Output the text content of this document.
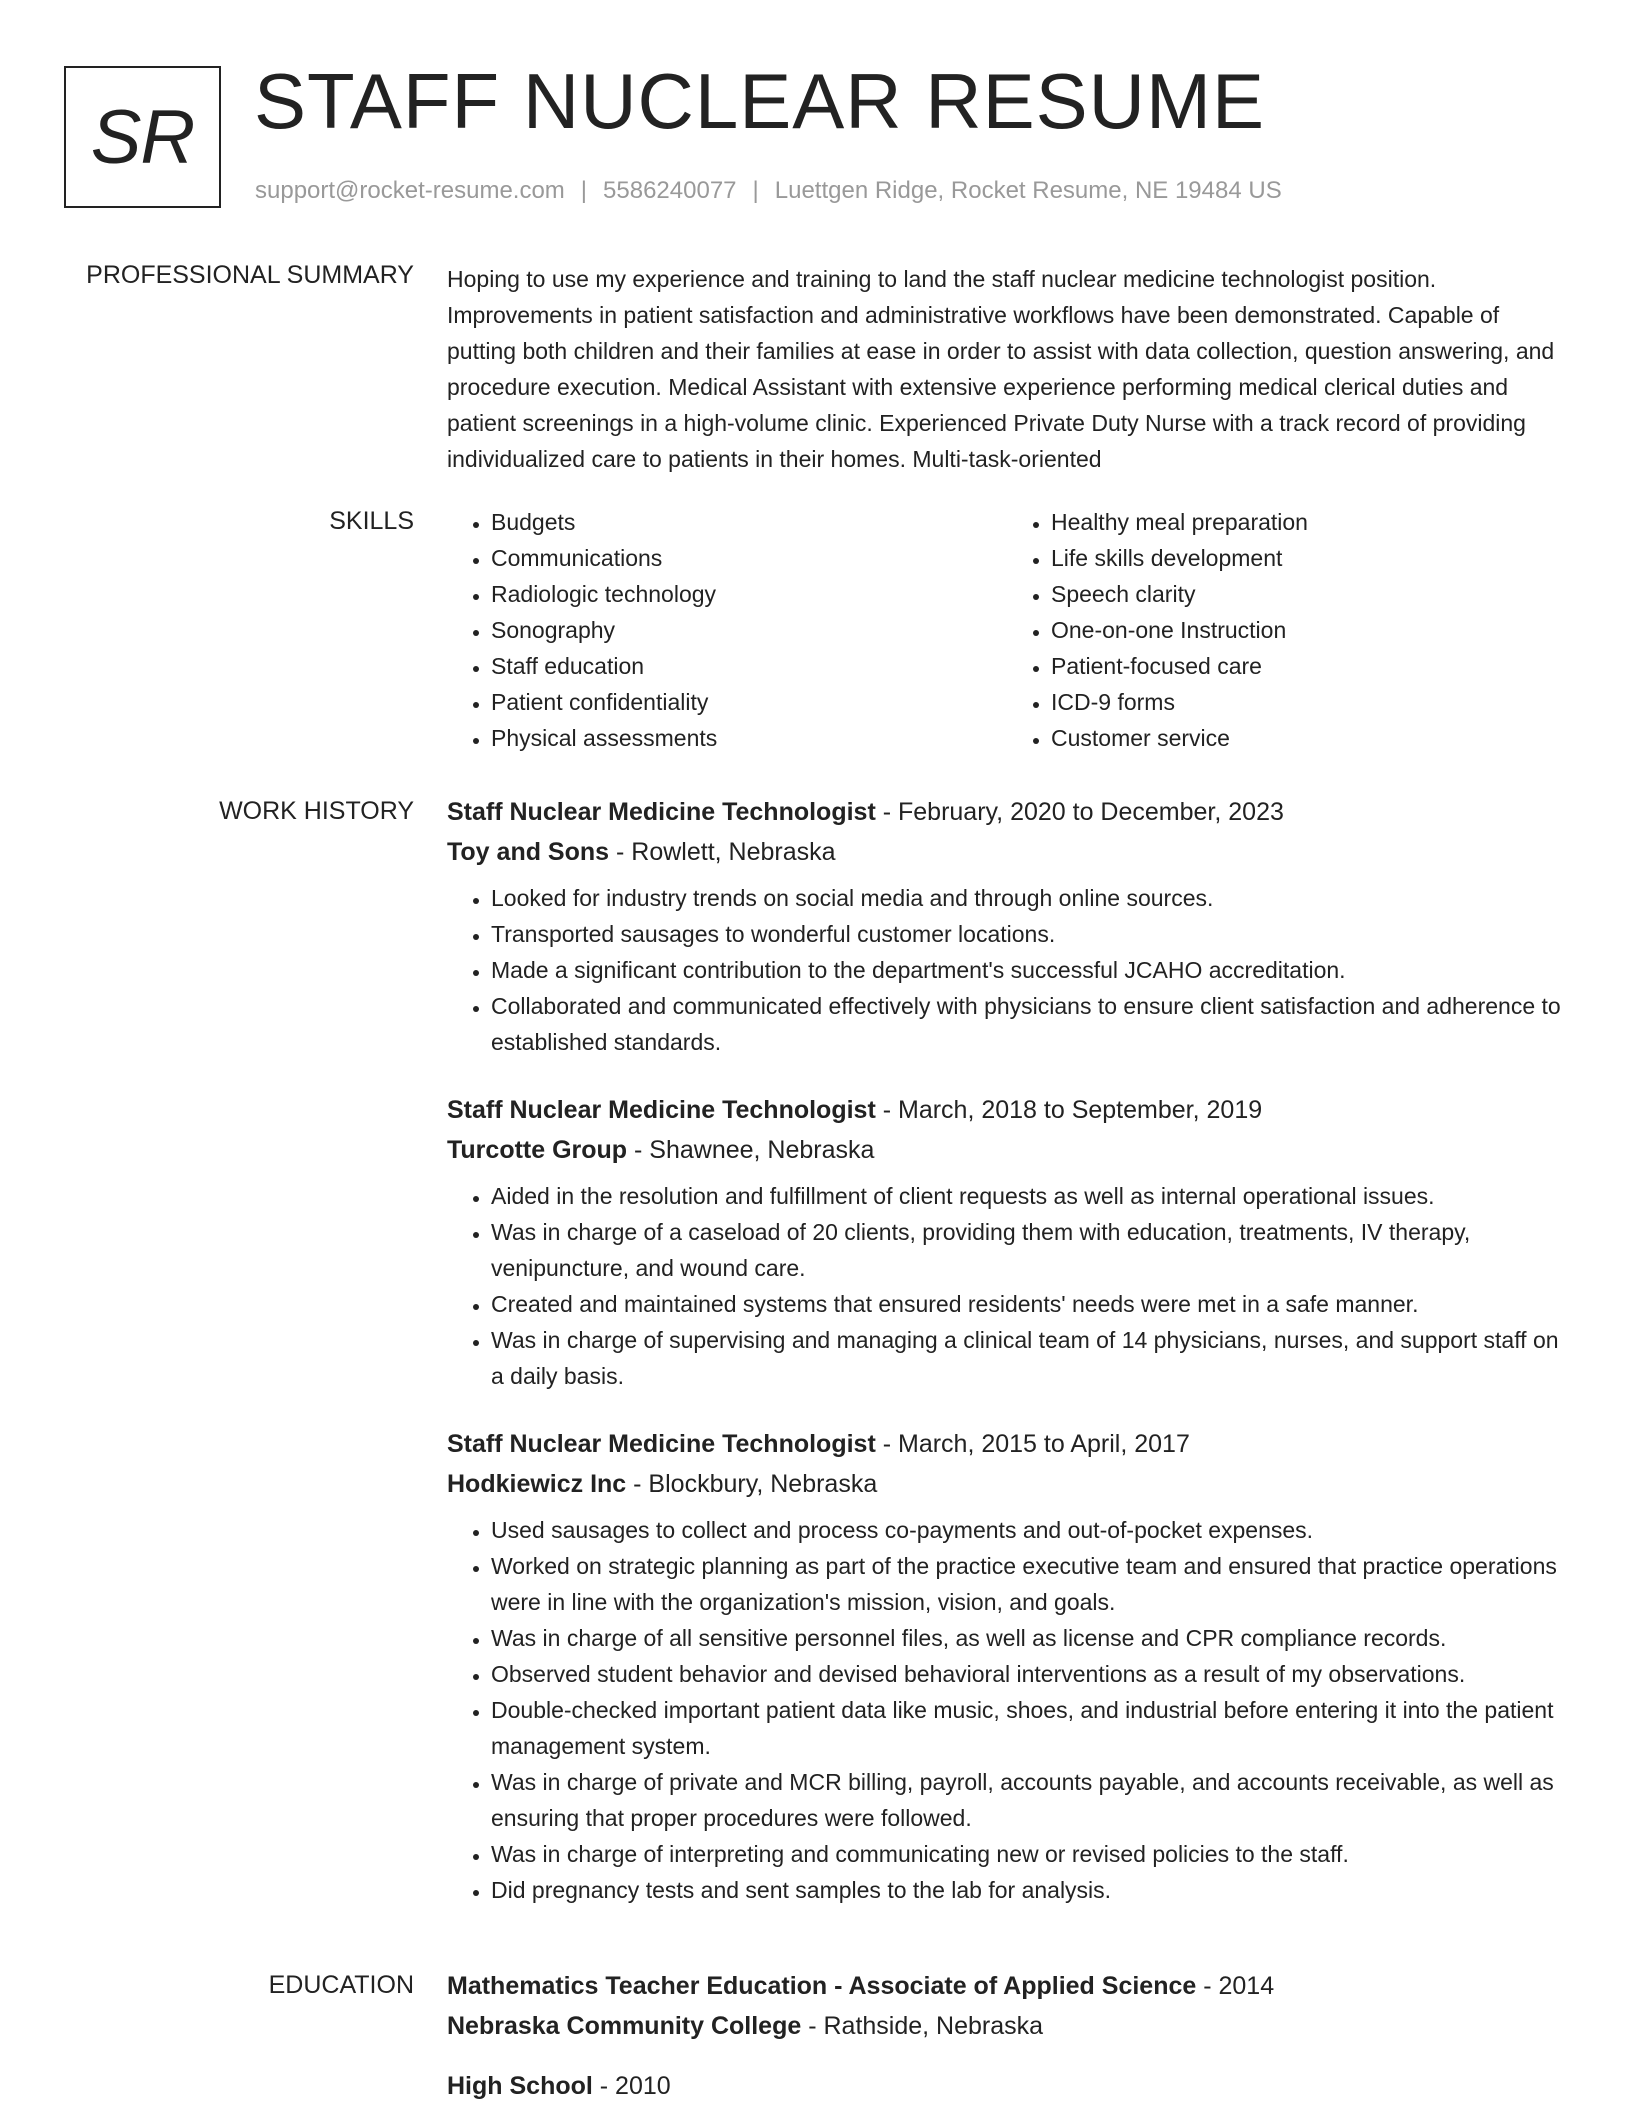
SR STAFF NUCLEAR RESUME
support@rocket-resume.com | 5586240077 | Luettgen Ridge, Rocket Resume, NE 19484 US
PROFESSIONAL SUMMARY Hoping to use my experience and training to land the staff nuclear medicine technologist position. Improvements in patient satisfaction and administrative workflows have been demonstrated. Capable of putting both children and their families at ease in order to assist with data collection, question answering, and procedure execution. Medical Assistant with extensive experience performing medical clerical duties and patient screenings in a high-volume clinic. Experienced Private Duty Nurse with a track record of providing individualized care to patients in their homes. Multi-task-oriented

SKILLS
•	Budgets
• Communications
• Radiologic technology
• Sonography
• Staff education
• Patient confidentiality
• Physical assessments
• Healthy meal preparation
• Life skills development
• Speech clarity
• One-on-one Instruction
• Patient-focused care
• ICD-9 forms
• Customer service
WORK HISTORY Staff Nuclear Medicine Technologist - February, 2020 to December, 2023
Toy and Sons - Rowlett, Nebraska
• Looked for industry trends on social media and through online sources.
• Transported sausages to wonderful customer locations.
• Made a significant contribution to the department's successful JCAHO accreditation.
• Collaborated and communicated effectively with physicians to ensure client satisfaction and adherence to established standards.
Staff Nuclear Medicine Technologist - March, 2018 to September, 2019
Turcotte Group - Shawnee, Nebraska
• Aided in the resolution and fulfillment of client requests as well as internal operational issues.
• Was in charge of a caseload of 20 clients, providing them with education, treatments, IV therapy, venipuncture, and wound care.
• Created and maintained systems that ensured residents' needs were met in a safe manner.
• Was in charge of supervising and managing a clinical team of 14 physicians, nurses, and support staff on a daily basis.
Staff Nuclear Medicine Technologist - March, 2015 to April, 2017
Hodkiewicz Inc - Blockbury, Nebraska
• Used sausages to collect and process co-payments and out-of-pocket expenses.
• Worked on strategic planning as part of the practice executive team and ensured that practice operations were in line with the organization's mission, vision, and goals.
• Was in charge of all sensitive personnel files, as well as license and CPR compliance records.
• Observed student behavior and devised behavioral interventions as a result of my observations.
• Double-checked important patient data like music, shoes, and industrial before entering it into the patient management system.
• Was in charge of private and MCR billing, payroll, accounts payable, and accounts receivable, as well as ensuring that proper procedures were followed.
• Was in charge of interpreting and communicating new or revised policies to the staff.
• Did pregnancy tests and sent samples to the lab for analysis.
EDUCATION Mathematics Teacher Education - Associate of Applied Science - 2014
Nebraska Community College - Rathside, Nebraska
High School - 2010
